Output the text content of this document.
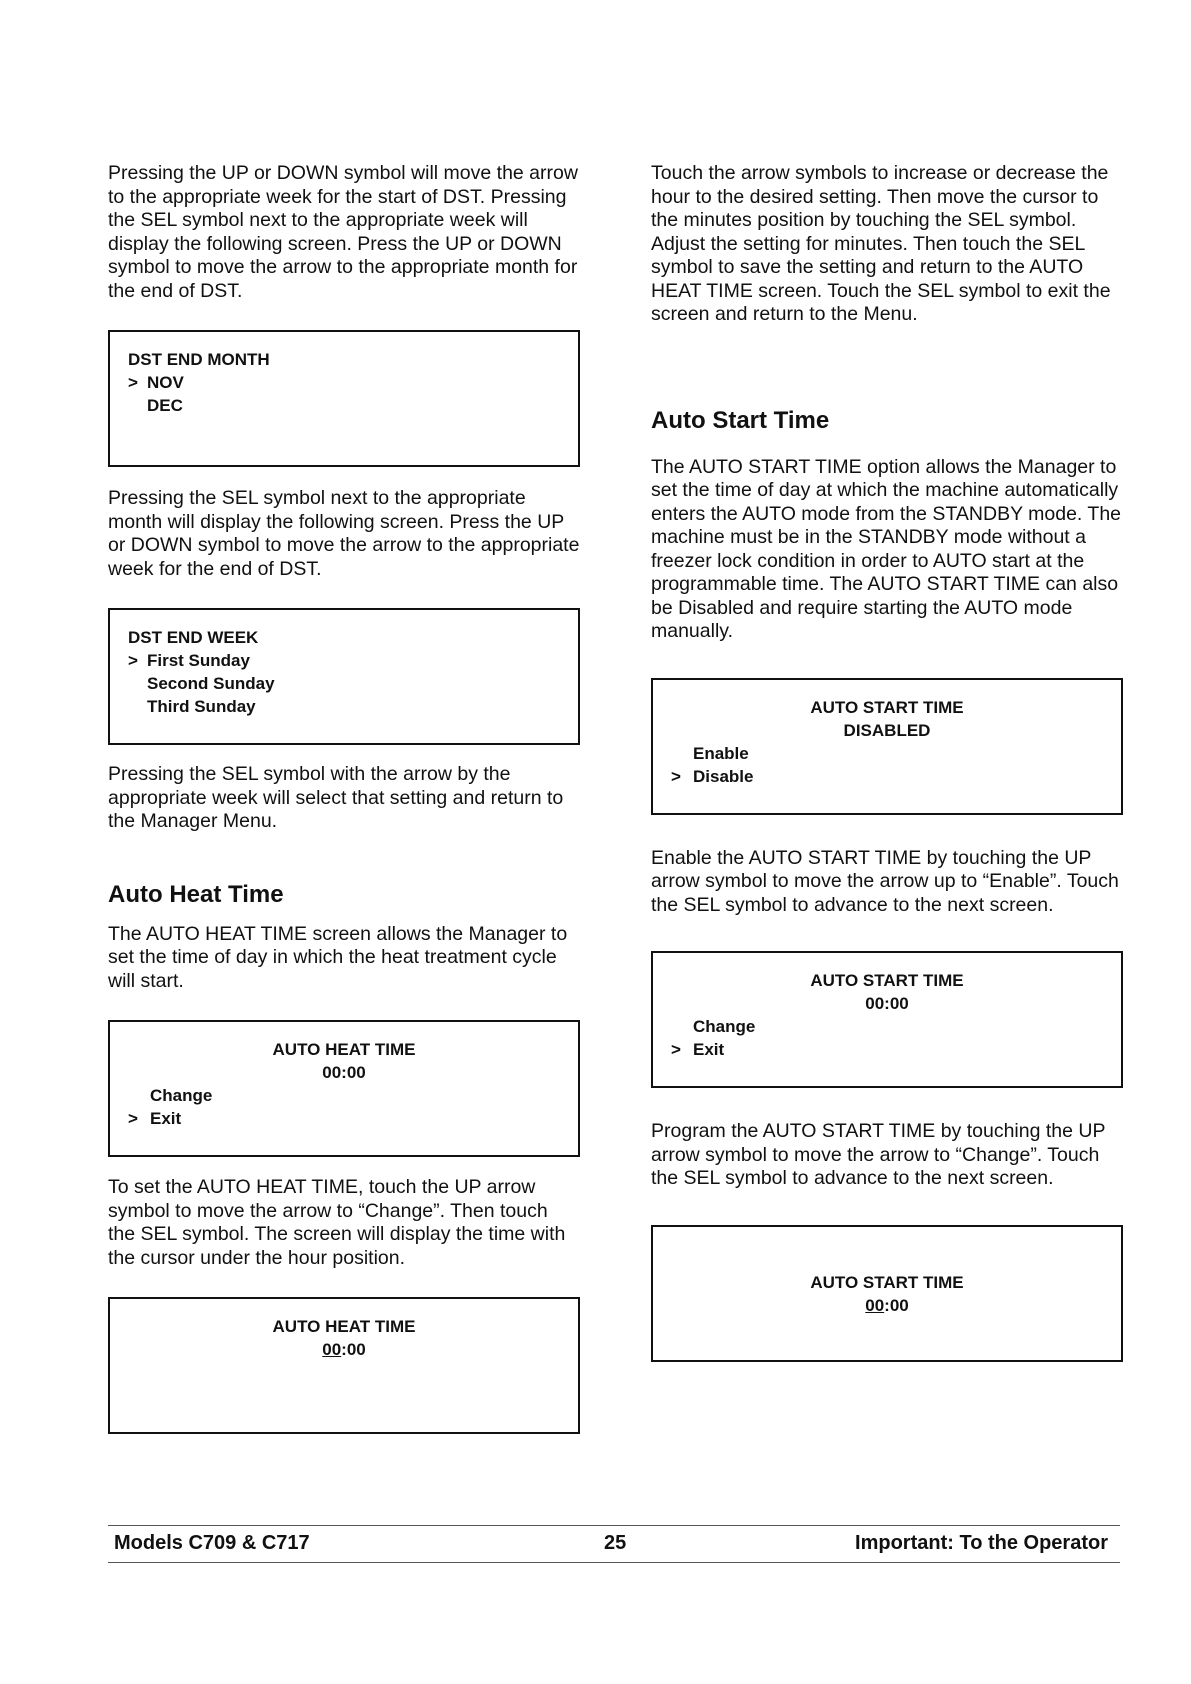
Pressing the UP or DOWN symbol will move the arrow to the appropriate week for the start of DST. Pressing the SEL symbol next to the appropriate week will display the following screen. Press the UP or DOWN symbol to move the arrow to the appropriate month for the end of DST.

DST END MONTH
> NOV
DEC

Pressing the SEL symbol next to the appropriate month will display the following screen. Press the UP or DOWN symbol to move the arrow to the appropriate week for the end of DST.

DST END WEEK
> First Sunday
Second Sunday
Third Sunday

Pressing the SEL symbol with the arrow by the appropriate week will select that setting and return to the Manager Menu.

Auto Heat Time

The AUTO HEAT TIME screen allows the Manager to set the time of day in which the heat treatment cycle will start.

AUTO HEAT TIME
00:00
Change
> Exit

To set the AUTO HEAT TIME, touch the UP arrow symbol to move the arrow to “Change”. Then touch the SEL symbol. The screen will display the time with the cursor under the hour position.

AUTO HEAT TIME
00:00

Touch the arrow symbols to increase or decrease the hour to the desired setting. Then move the cursor to the minutes position by touching the SEL symbol. Adjust the setting for minutes. Then touch the SEL symbol to save the setting and return to the AUTO HEAT TIME screen. Touch the SEL symbol to exit the screen and return to the Menu.

Auto Start Time

The AUTO START TIME option allows the Manager to set the time of day at which the machine automatically enters the AUTO mode from the STANDBY mode. The machine must be in the STANDBY mode without a freezer lock condition in order to AUTO start at the programmable time. The AUTO START TIME can also be Disabled and require starting the AUTO mode manually.

AUTO START TIME
DISABLED
Enable
> Disable

Enable the AUTO START TIME by touching the UP arrow symbol to move the arrow up to “Enable”. Touch the SEL symbol to advance to the next screen.

AUTO START TIME
00:00
Change
> Exit

Program the AUTO START TIME by touching the UP arrow symbol to move the arrow to “Change”. Touch the SEL symbol to advance to the next screen.

AUTO START TIME
00:00
Models C709 & C717	25	Important: To the Operator
